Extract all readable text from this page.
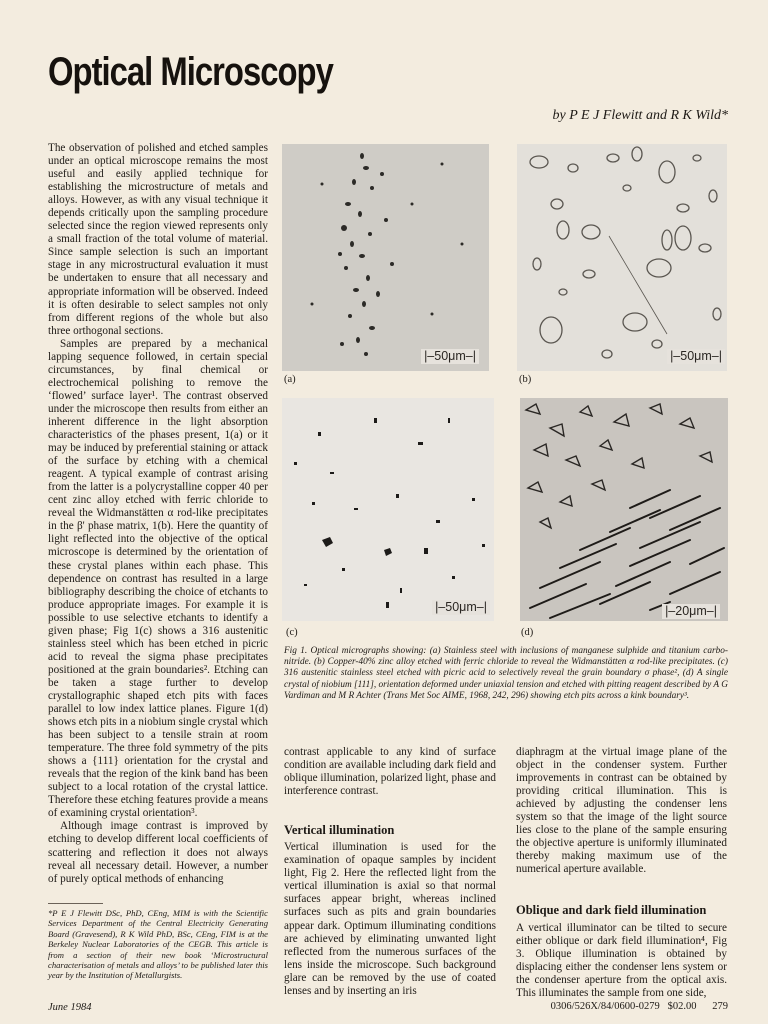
Optical Microscopy
by P E J Flewitt and R K Wild*

The observation of polished and etched samples under an optical microscope remains the most useful and easily applied technique for establishing the microstructure of metals and alloys. However, as with any visual technique it depends critically upon the sampling procedure selected since the region viewed represents only a small fraction of the total volume of material. Since sample selection is such an important stage in any microstructural evaluation it must be undertaken to ensure that all necessary and appropriate information will be observed. Indeed it is often desirable to select samples not only from different regions of the whole but also three orthogonal sections.

Samples are prepared by a mechanical lapping sequence followed, in certain special circumstances, by final chemical or electrochemical polishing to remove the ‘flowed’ surface layer¹. The contrast observed under the microscope then results from either an inherent difference in the light absorption characteristics of the phases present, 1(a) or it may be induced by preferential staining or attack of the surface by etching with a chemical reagent. A typical example of contrast arising from the latter is a polycrystalline copper 40 per cent zinc alloy etched with ferric chloride to reveal the Widmanstätten α rod-like precipitates in the β' phase matrix, 1(b). Here the quantity of light reflected into the objective of the optical microscope is determined by the orientation of these crystal planes within each phase. This dependence on contrast has resulted in a large bibliography describing the choice of etchants to produce appropriate images. For example it is possible to use selective etchants to identify a given phase; Fig 1(c) shows a 316 austenitic stainless steel which has been etched in picric acid to reveal the sigma phase precipitates positioned at the grain boundaries². Etching can be taken a stage further to develop crystallographic shaped etch pits with faces parallel to low index lattice planes. Figure 1(d) shows etch pits in a niobium single crystal which has been subject to a tensile strain at room temperature. The three fold symmetry of the pits shows a {111} orientation for the crystal and reveals that the region of the kink band has been subject to a local rotation of the crystal lattice. Therefore these etching features provide a means of examining crystal orientation³.

Although image contrast is improved by etching to develop different local coefficients of scattering and reflection it does not always reveal all necessary detail. However, a number of purely optical methods of enhancing

*P E J Flewitt DSc, PhD, CEng, MIM is with the Scientific Services Department of the Central Electricity Generating Board (Gravesend), R K Wild PhD, BSc, CEng, FIM is at the Berkeley Nuclear Laboratories of the CEGB. This article is from a section of their new book ‘Microstructural characterisation of metals and alloys’ to be published later this year by the Institution of Metallurgists.
|–50μm–|
(a)
|–50μm–|
(b)
|–50μm–|
(c)
|–20μm–|
(d)
Fig 1. Optical micrographs showing: (a) Stainless steel with inclusions of manganese sulphide and titanium carbo-nitride. (b) Copper-40% zinc alloy etched with ferric chloride to reveal the Widmanstätten α rod-like precipitates. (c) 316 austenitic stainless steel etched with picric acid to selectively reveal the grain boundary σ phase², (d) A single crystal of niobium [111], orientation deformed under uniaxial tension and etched with pitting reagent described by A G Vardiman and M R Achter (Trans Met Soc AIME, 1968, 242, 296) showing etch pits across a kink boundary³.

contrast applicable to any kind of surface condition are available including dark field and oblique illumination, polarized light, phase and interference contrast.

Vertical illumination

Vertical illumination is used for the examination of opaque samples by incident light, Fig 2. Here the reflected light from the vertical illumination is axial so that normal surfaces appear bright, whereas inclined surfaces such as pits and grain boundaries appear dark. Optimum illuminating conditions are achieved by eliminating unwanted light reflected from the numerous surfaces of the lens inside the microscope. Such background glare can be removed by the use of coated lenses and by inserting an iris

diaphragm at the virtual image plane of the object in the condenser system. Further improvements in contrast can be obtained by providing critical illumination. This is achieved by adjusting the condenser lens system so that the image of the light source lies close to the plane of the sample ensuring the objective aperture is uniformly illuminated thereby making maximum use of the numerical aperture available.

Oblique and dark field illumination

A vertical illuminator can be tilted to secure either oblique or dark field illumination⁴, Fig 3. Oblique illumination is obtained by displacing either the condenser lens system or the condenser aperture from the optical axis. This illuminates the sample from one side,

June 1984	0306/526X/84/0600-0279   $02.00 279
